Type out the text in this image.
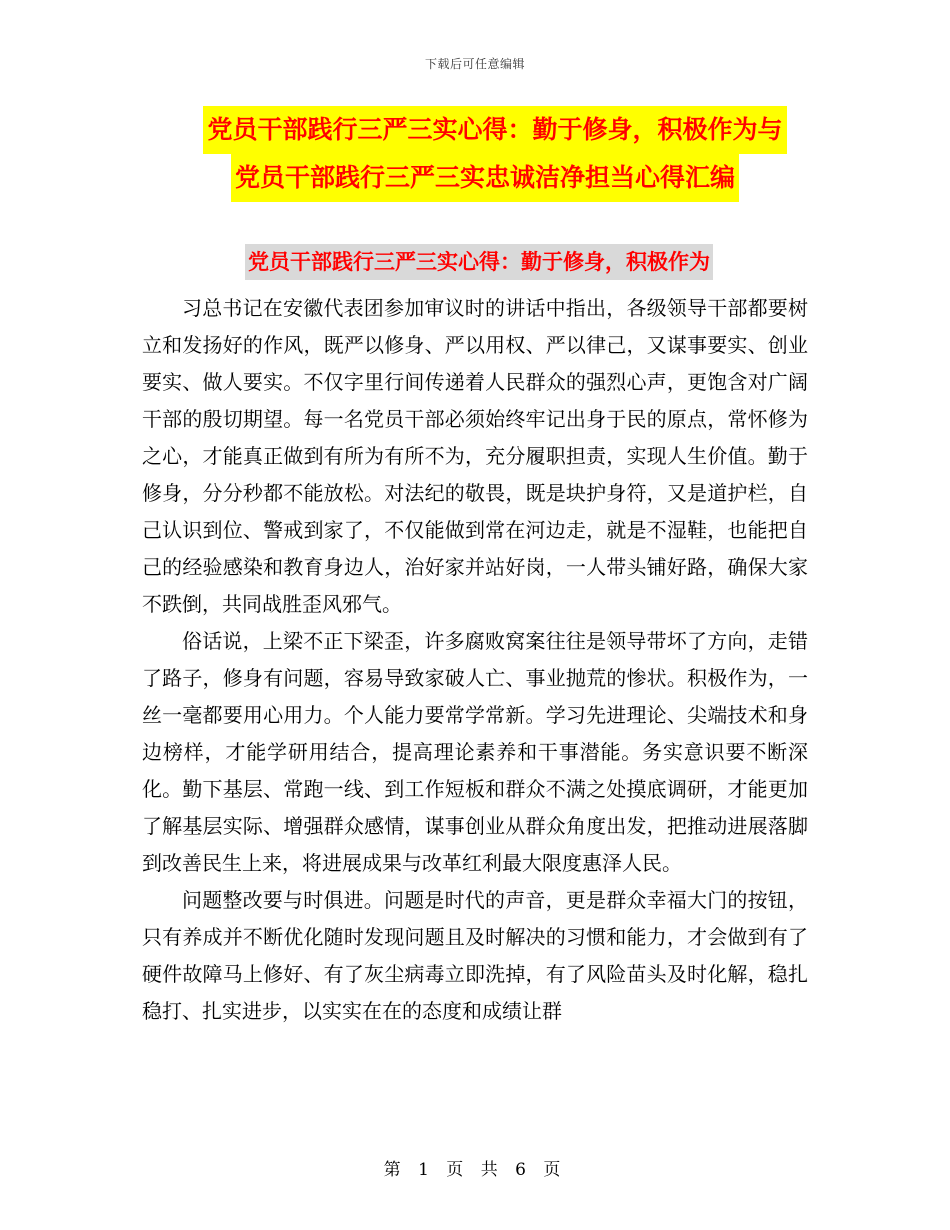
下载后可任意编辑
党员干部践行三严三实心得：勤于修身，积极作为与
党员干部践行三严三实忠诚洁净担当心得汇编
党员干部践行三严三实心得：勤于修身，积极作为

习总书记在安徽代表团参加审议时的讲话中指出，各级领导干部都要树立和发扬好的作风，既严以修身、严以用权、严以律己，又谋事要实、创业要实、做人要实。不仅字里行间传递着人民群众的强烈心声，更饱含对广阔干部的殷切期望。每一名党员干部必须始终牢记出身于民的原点，常怀修为之心，才能真正做到有所为有所不为，充分履职担责，实现人生价值。勤于修身，分分秒都不能放松。对法纪的敬畏，既是块护身符，又是道护栏，自己认识到位、警戒到家了，不仅能做到常在河边走，就是不湿鞋，也能把自己的经验感染和教育身边人，治好家并站好岗，一人带头铺好路，确保大家不跌倒，共同战胜歪风邪气。

俗话说，上梁不正下梁歪，许多腐败窝案往往是领导带坏了方向，走错了路子，修身有问题，容易导致家破人亡、事业抛荒的惨状。积极作为，一丝一毫都要用心用力。个人能力要常学常新。学习先进理论、尖端技术和身边榜样，才能学研用结合，提高理论素养和干事潜能。务实意识要不断深化。勤下基层、常跑一线、到工作短板和群众不满之处摸底调研，才能更加了解基层实际、增强群众感情，谋事创业从群众角度出发，把推动进展落脚到改善民生上来，将进展成果与改革红利最大限度惠泽人民。

问题整改要与时俱进。问题是时代的声音，更是群众幸福大门的按钮，只有养成并不断优化随时发现问题且及时解决的习惯和能力，才会做到有了硬件故障马上修好、有了灰尘病毒立即洗掉，有了风险苗头及时化解，稳扎稳打、扎实进步，以实实在在的态度和成绩让群

第 1 页 共 6 页
